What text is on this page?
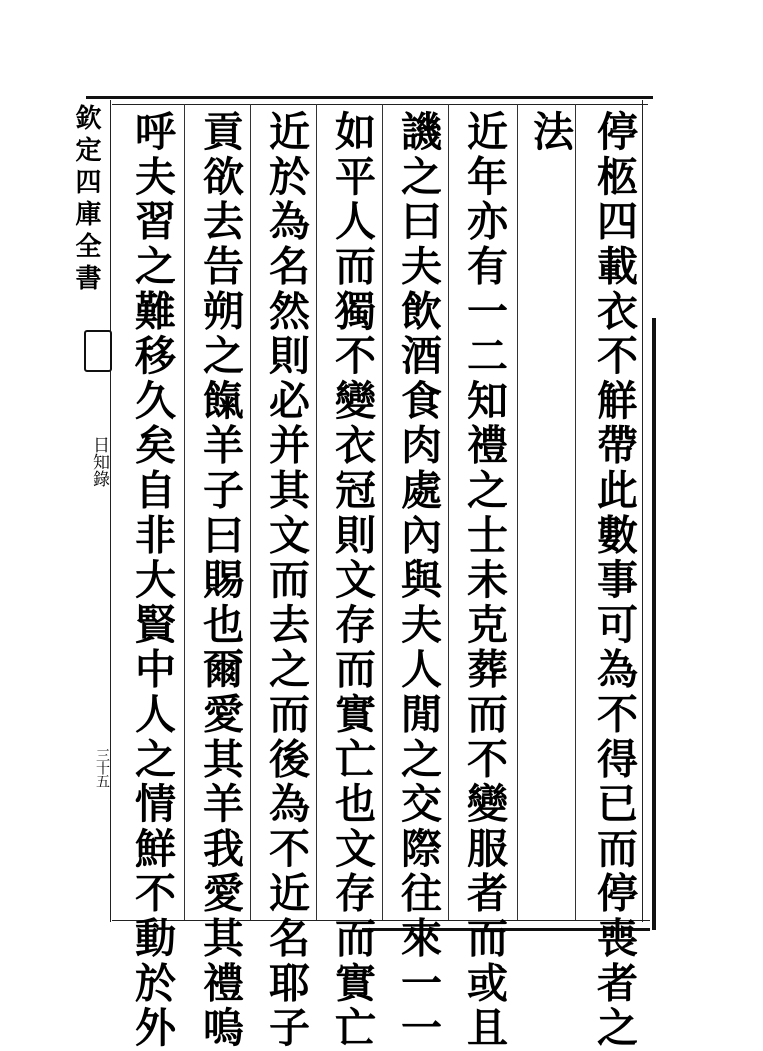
欽定四庫全書
日知錄
三十五	停柩四載衣不觧帶此數事可為不得已而停喪者之
法
近年亦有一二知禮之士未克葬而不變服者而或且
譏之曰夫飲酒食肉處內與夫人閒之交際往來一一
如平人而獨不變衣冠則文存而實亡也文存而實亡
近於為名然則必并其文而去之而後為不近名耶子
貢欲去告朔之餼羊子曰賜也爾愛其羊我愛其禮嗚
呼夫習之難移久矣自非大賢中人之情鮮不動於外
